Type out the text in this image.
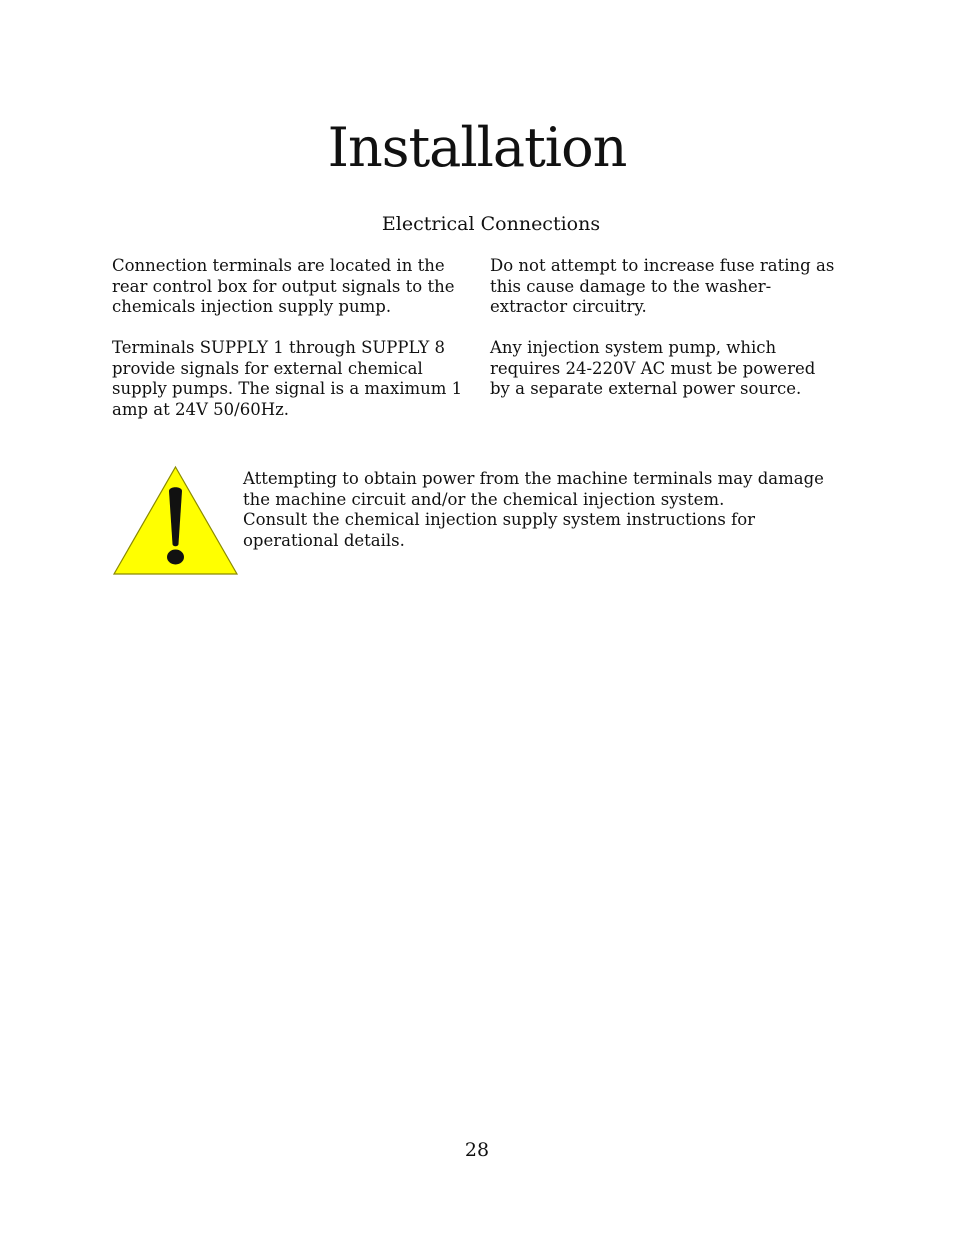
Installation
Electrical Connections

Connection terminals are located in the rear control box for output signals to the chemicals injection supply pump.

Terminals SUPPLY 1 through SUPPLY 8 provide signals for external chemical supply pumps. The signal is a maximum 1 amp at 24V 50/60Hz.

Do not attempt to increase fuse rating as this cause damage to the washer-extractor circuitry.

Any injection system pump, which requires 24-220V AC must be powered by a separate external power source.

Attempting to obtain power from the machine terminals may damage the machine circuit and/or the chemical injection system.

Consult the chemical injection supply system instructions for operational details.

28
